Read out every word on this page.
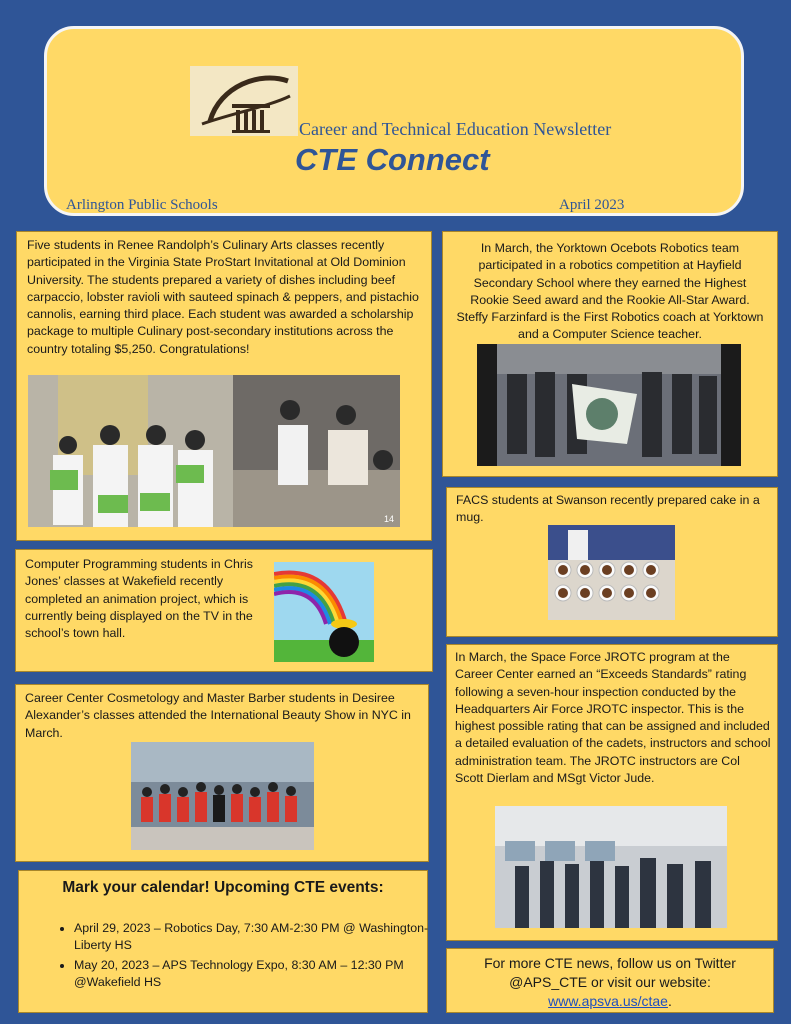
Career and Technical Education Newsletter
CTE Connect
Arlington Public Schools	April 2023
Five students in Renee Randolph’s Culinary Arts classes recently participated in the Virginia State ProStart Invitational at Old Dominion University. The students prepared a variety of dishes including beef carpaccio, lobster ravioli with sauteed spinach & peppers, and pistachio cannolis, earning third place. Each student was awarded a scholarship package to multiple Culinary post-secondary institutions across the country totaling $5,250. Congratulations!
14
In March, the Yorktown Ocebots Robotics team participated in a robotics competition at Hayfield Secondary School where they earned the Highest Rookie Seed award and the Rookie All-Star Award. Steffy Farzinfard is the First Robotics coach at Yorktown and a Computer Science teacher.
FACS students at Swanson recently prepared cake in a mug.
Computer Programming students in Chris Jones’ classes at Wakefield recently completed an animation project, which is currently being displayed on the TV in the school’s town hall.
Career Center Cosmetology and Master Barber students in Desiree Alexander’s classes attended the International Beauty Show in NYC in March.
In March, the Space Force JROTC program at the Career Center earned an “Exceeds Standards” rating following a seven-hour inspection conducted by the Headquarters Air Force JROTC inspector. This is the highest possible rating that can be assigned and included a detailed evaluation of the cadets, instructors and school administration team. The JROTC instructors are Col Scott Dierlam and MSgt Victor Jude.
Mark your calendar! Upcoming CTE events:
• April 29, 2023 – Robotics Day, 7:30 AM-2:30 PM @ Washington-Liberty HS
• May 20, 2023 – APS Technology Expo, 8:30 AM – 12:30 PM @Wakefield HS
For more CTE news, follow us on Twitter @APS_CTE or visit our website: www.apsva.us/ctae.
